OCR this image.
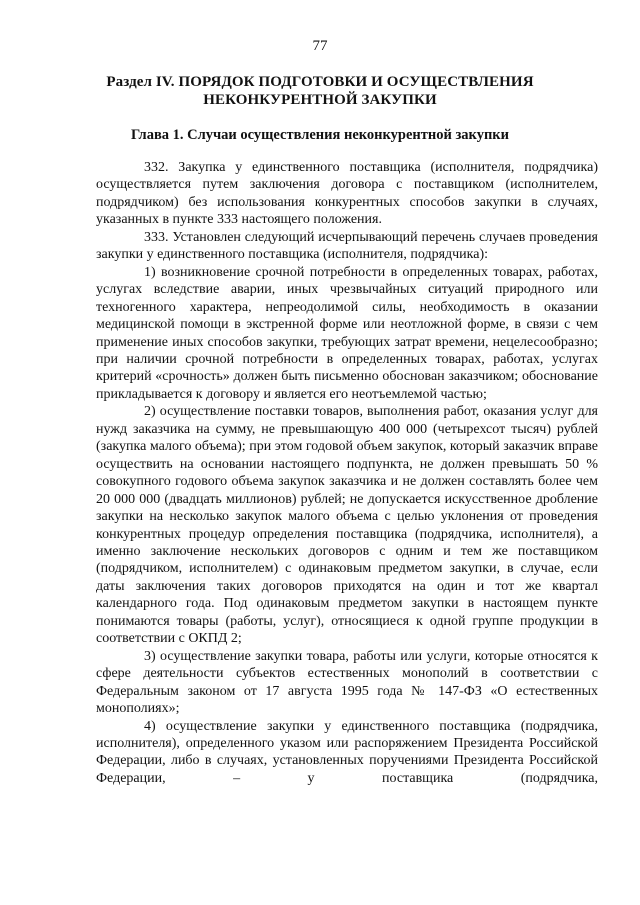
77
Раздел IV. ПОРЯДОК ПОДГОТОВКИ И ОСУЩЕСТВЛЕНИЯ
НЕКОНКУРЕНТНОЙ ЗАКУПКИ
Глава 1. Случаи осуществления неконкурентной закупки

332. Закупка у единственного поставщика (исполнителя, подрядчика) осуществляется путем заключения договора с поставщиком (исполнителем, подрядчиком) без использования конкурентных способов закупки в случаях, указанных в пункте 333 настоящего положения.

333. Установлен следующий исчерпывающий перечень случаев проведения закупки у единственного поставщика (исполнителя, подрядчика):

1) возникновение срочной потребности в определенных товарах, работах, услугах вследствие аварии, иных чрезвычайных ситуаций природного или техногенного характера, непреодолимой силы, необходимость в оказании медицинской помощи в экстренной форме или неотложной форме, в связи с чем применение иных способов закупки, требующих затрат времени, нецелесообразно; при наличии срочной потребности в определенных товарах, работах, услугах критерий «срочность» должен быть письменно обоснован заказчиком; обоснование прикладывается к договору и является его неотъемлемой частью;

2) осуществление поставки товаров, выполнения работ, оказания услуг для нужд заказчика на сумму, не превышающую 400 000 (четырехсот тысяч) рублей (закупка малого объема); при этом годовой объем закупок, который заказчик вправе осуществить на основании настоящего подпункта, не должен превышать 50 % совокупного годового объема закупок заказчика и не должен составлять более чем 20 000 000 (двадцать миллионов) рублей; не допускается искусственное дробление закупки на несколько закупок малого объема с целью уклонения от проведения конкурентных процедур определения поставщика (подрядчика, исполнителя), а именно заключение нескольких договоров с одним и тем же поставщиком (подрядчиком, исполнителем) с одинаковым предметом закупки, в случае, если даты заключения таких договоров приходятся на один и тот же квартал календарного года. Под одинаковым предметом закупки в настоящем пункте понимаются товары (работы, услуг), относящиеся к одной группе продукции в соответствии с ОКПД 2;

3) осуществление закупки товара, работы или услуги, которые относятся к сфере деятельности субъектов естественных монополий в соответствии с Федеральным законом от 17 августа 1995 года № 147-ФЗ «О естественных монополиях»;

4) осуществление закупки у единственного поставщика (подрядчика, исполнителя), определенного указом или распоряжением Президента Российской Федерации, либо в случаях, установленных поручениями Президента Российской Федерации, – у поставщика (подрядчика,
